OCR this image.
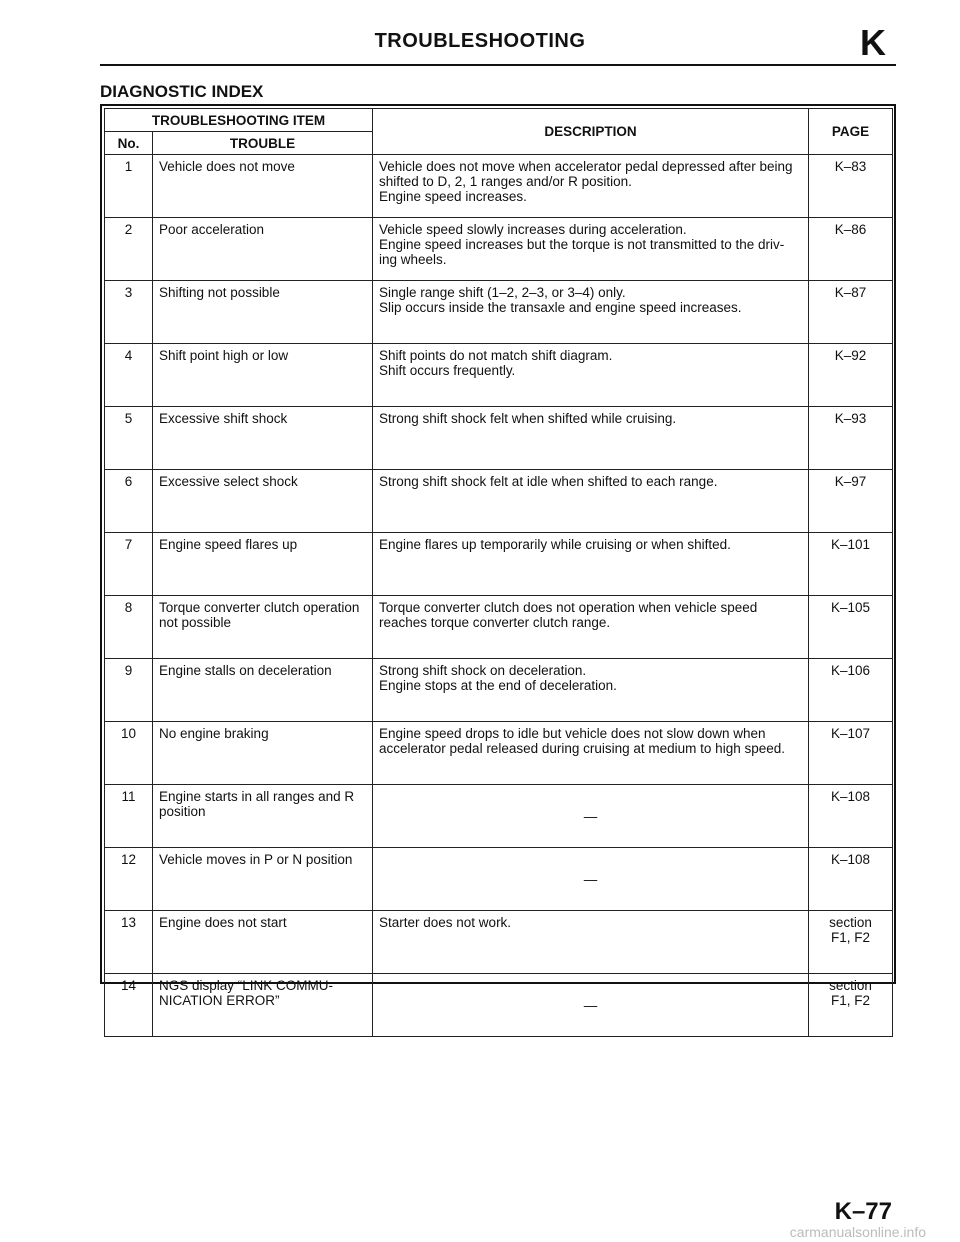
TROUBLESHOOTING	K
DIAGNOSTIC INDEX
TROUBLESHOOTING ITEM		DESCRIPTION	PAGE
No.	TROUBLE		
1	Vehicle does not move	Vehicle does not move when accelerator pedal depressed after being
shifted to D, 2, 1 ranges and/or R position.
Engine speed increases.	K–83

2	Poor acceleration	Vehicle speed slowly increases during acceleration.
Engine speed increases but the torque is not transmitted to the driv-
ing wheels.	K–86

3	Shifting not possible	Single range shift (1–2, 2–3, or 3–4) only.
Slip occurs inside the transaxle and engine speed increases.	K–87

4	Shift point high or low	Shift points do not match shift diagram.
Shift occurs frequently.	K–92

5	Excessive shift shock	Strong shift shock felt when shifted while cruising.	K–93

6	Excessive select shock	Strong shift shock felt at idle when shifted to each range.	K–97

7	Engine speed flares up	Engine flares up temporarily while cruising or when shifted.	K–101

8	Torque converter clutch operation not possible	Torque converter clutch does not operation when vehicle speed
reaches torque converter clutch range.	K–105

9	Engine stalls on deceleration	Strong shift shock on deceleration.
Engine stops at the end of deceleration.	K–106

10	No engine braking	Engine speed drops to idle but vehicle does not slow down when
accelerator pedal released during cruising at medium to high speed.	K–107

11	Engine starts in all ranges and R position	—	K–108

12	Vehicle moves in P or N position	—	K–108

13	Engine does not start	Starter does not work.	section
F1, F2

14	NGS display “LINK COMMU-NICATION ERROR”	—	section
F1, F2
K–77
carmanualsonline.info
